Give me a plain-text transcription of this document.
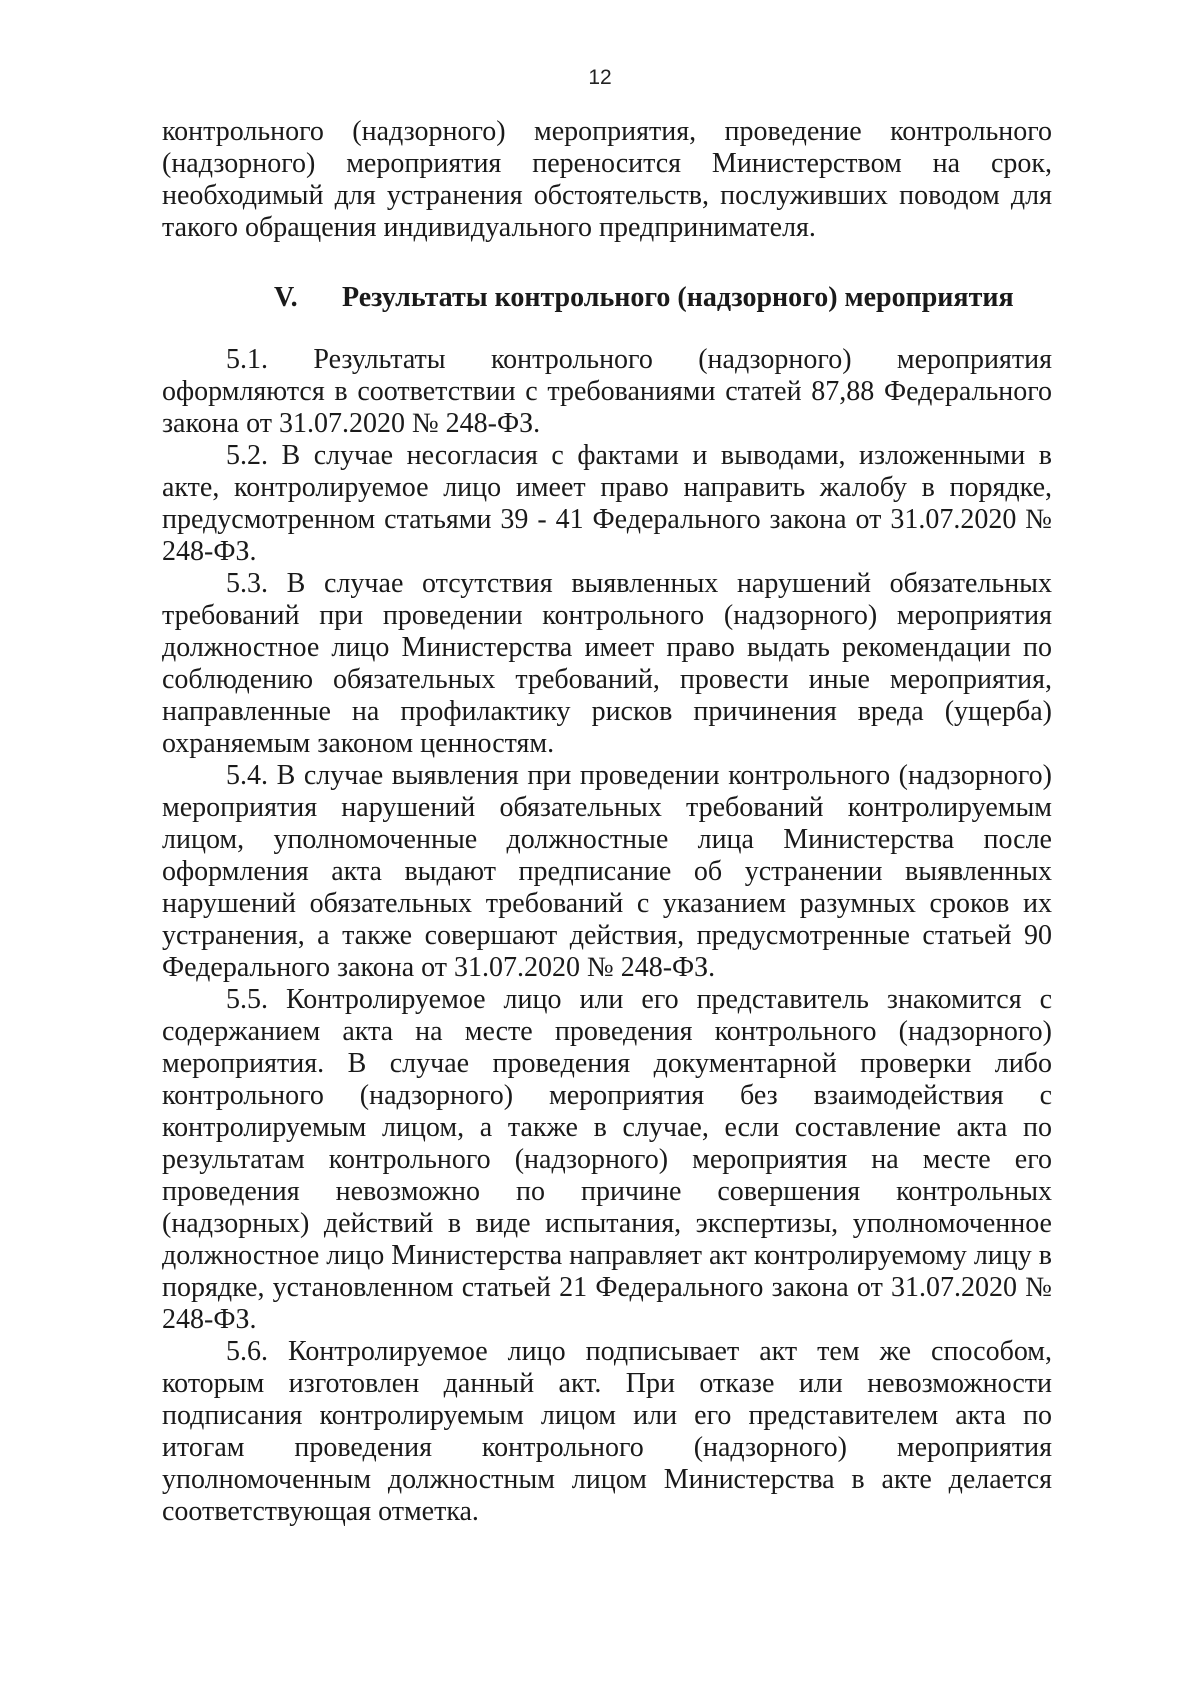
12

контрольного (надзорного) мероприятия, проведение контрольного (надзорного) мероприятия переносится Министерством на срок, необходимый для устранения обстоятельств, послуживших поводом для такого обращения индивидуального предпринимателя.

V. Результаты контрольного (надзорного) мероприятия

5.1. Результаты контрольного (надзорного) мероприятия оформляются в соответствии с требованиями статей 87,88 Федерального закона от 31.07.2020 № 248-ФЗ.

5.2. В случае несогласия с фактами и выводами, изложенными в акте, контролируемое лицо имеет право направить жалобу в порядке, предусмотренном статьями 39 - 41 Федерального закона от 31.07.2020 № 248-ФЗ.

5.3. В случае отсутствия выявленных нарушений обязательных требований при проведении контрольного (надзорного) мероприятия должностное лицо Министерства имеет право выдать рекомендации по соблюдению обязательных требований, провести иные мероприятия, направленные на профилактику рисков причинения вреда (ущерба) охраняемым законом ценностям.

5.4. В случае выявления при проведении контрольного (надзорного) мероприятия нарушений обязательных требований контролируемым лицом, уполномоченные должностные лица Министерства после оформления акта выдают предписание об устранении выявленных нарушений обязательных требований с указанием разумных сроков их устранения, а также совершают действия, предусмотренные статьей 90 Федерального закона от 31.07.2020 № 248-ФЗ.

5.5. Контролируемое лицо или его представитель знакомится с содержанием акта на месте проведения контрольного (надзорного) мероприятия. В случае проведения документарной проверки либо контрольного (надзорного) мероприятия без взаимодействия с контролируемым лицом, а также в случае, если составление акта по результатам контрольного (надзорного) мероприятия на месте его проведения невозможно по причине совершения контрольных (надзорных) действий в виде испытания, экспертизы, уполномоченное должностное лицо Министерства направляет акт контролируемому лицу в порядке, установленном статьей 21 Федерального закона от 31.07.2020 № 248-ФЗ.

5.6. Контролируемое лицо подписывает акт тем же способом, которым изготовлен данный акт. При отказе или невозможности подписания контролируемым лицом или его представителем акта по итогам проведения контрольного (надзорного) мероприятия уполномоченным должностным лицом Министерства в акте делается соответствующая отметка.
